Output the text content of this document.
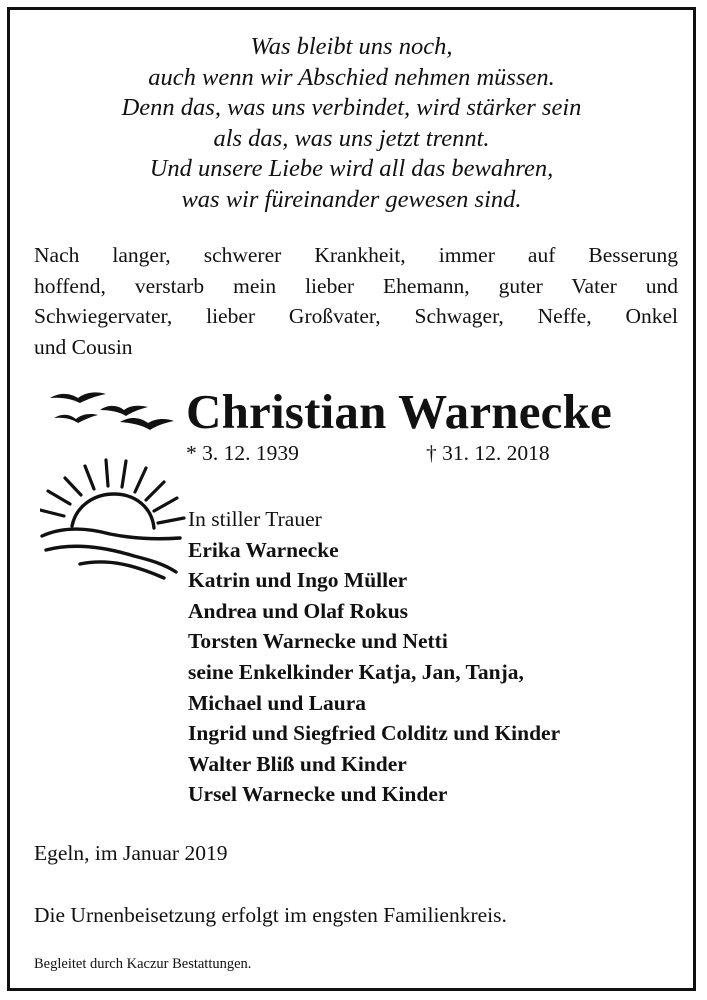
Was bleibt uns noch,
auch wenn wir Abschied nehmen müssen.
Denn das, was uns verbindet, wird stärker sein
als das, was uns jetzt trennt.
Und unsere Liebe wird all das bewahren,
was wir füreinander gewesen sind.
Nach langer, schwerer Krankheit, immer auf Besserung
hoffend, verstarb mein lieber Ehemann, guter Vater und
Schwiegervater, lieber Großvater, Schwager, Neffe, Onkel
und Cousin
Christian Warnecke
* 3. 12. 1939	† 31. 12. 2018
In stiller Trauer
Erika Warnecke
Katrin und Ingo Müller
Andrea und Olaf Rokus
Torsten Warnecke und Netti
seine Enkelkinder Katja, Jan, Tanja,
Michael und Laura
Ingrid und Siegfried Colditz und Kinder
Walter Bliß und Kinder
Ursel Warnecke und Kinder
Egeln, im Januar 2019
Die Urnenbeisetzung erfolgt im engsten Familienkreis.
Begleitet durch Kaczur Bestattungen.
